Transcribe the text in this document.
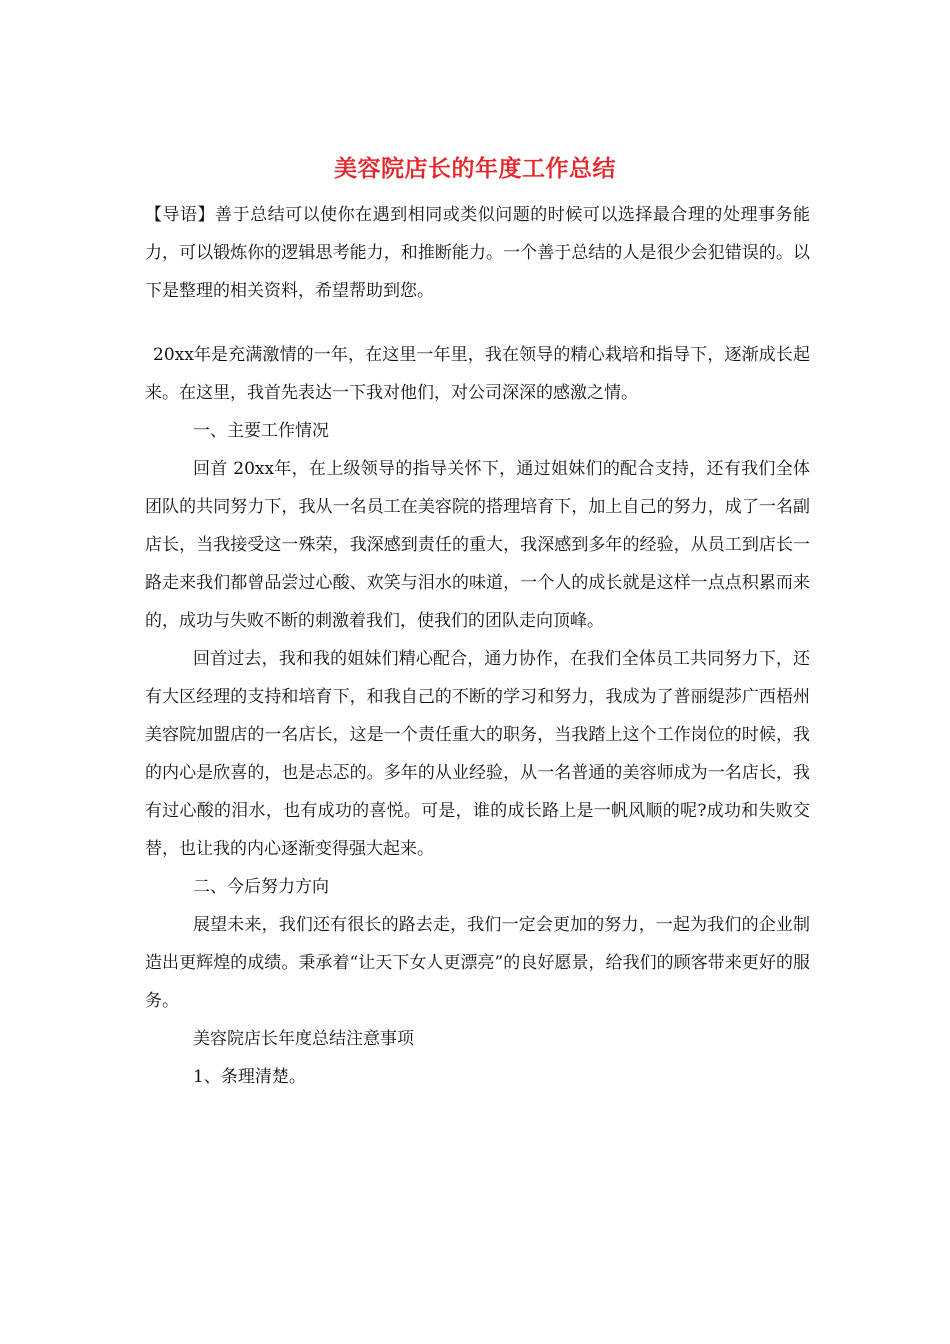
美容院店长的年度工作总结

【导语】善于总结可以使你在遇到相同或类似问题的时候可以选择最合理的处理事务能力，可以锻炼你的逻辑思考能力，和推断能力。一个善于总结的人是很少会犯错误的。以下是整理的相关资料，希望帮助到您。

20xx年是充满激情的一年，在这里一年里，我在领导的精心栽培和指导下，逐渐成长起来。在这里，我首先表达一下我对他们，对公司深深的感激之情。

一、主要工作情况

回首 20xx年，在上级领导的指导关怀下，通过姐妹们的配合支持，还有我们全体团队的共同努力下，我从一名员工在美容院的搭理培育下，加上自己的努力，成了一名副店长，当我接受这一殊荣，我深感到责任的重大，我深感到多年的经验，从员工到店长一路走来我们都曾品尝过心酸、欢笑与泪水的味道，一个人的成长就是这样一点点积累而来的，成功与失败不断的刺激着我们，使我们的团队走向顶峰。

回首过去，我和我的姐妹们精心配合，通力协作，在我们全体员工共同努力下，还有大区经理的支持和培育下，和我自己的不断的学习和努力，我成为了普丽缇莎广西梧州美容院加盟店的一名店长，这是一个责任重大的职务，当我踏上这个工作岗位的时候，我的内心是欣喜的，也是忐忑的。多年的从业经验，从一名普通的美容师成为一名店长，我有过心酸的泪水，也有成功的喜悦。可是，谁的成长路上是一帆风顺的呢?成功和失败交替，也让我的内心逐渐变得强大起来。

二、今后努力方向

展望未来，我们还有很长的路去走，我们一定会更加的努力，一起为我们的企业制造出更辉煌的成绩。秉承着“让天下女人更漂亮”的良好愿景，给我们的顾客带来更好的服务。

美容院店长年度总结注意事项

1、条理清楚。
